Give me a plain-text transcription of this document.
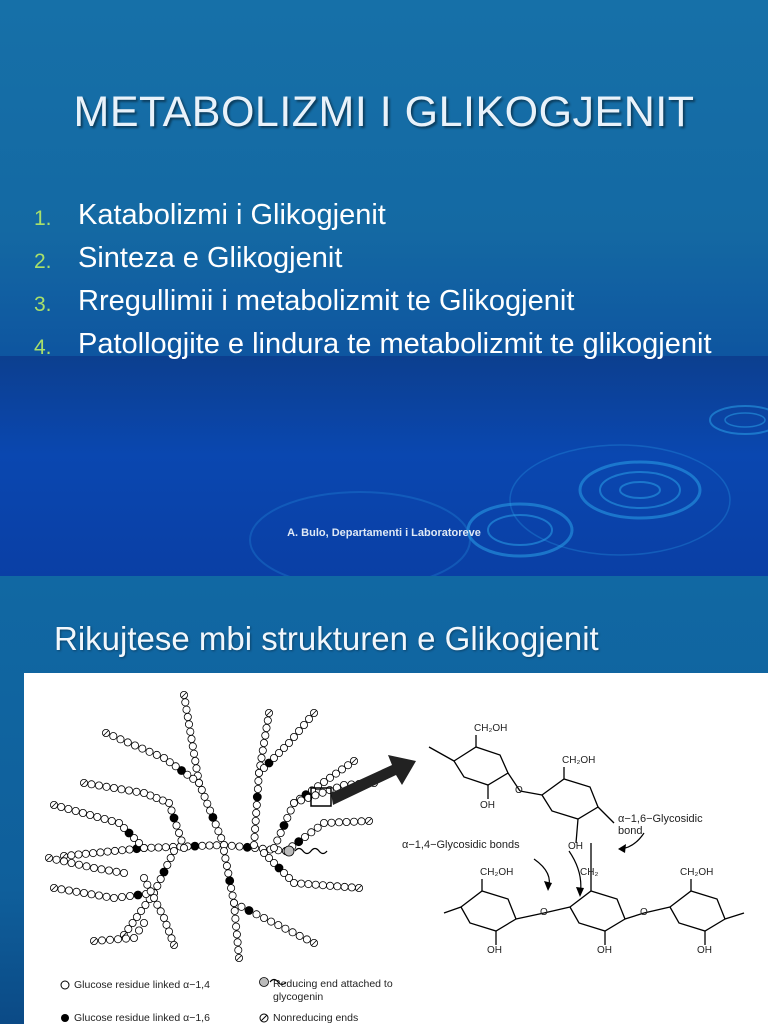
METABOLIZMI I GLIKOGJENIT
1. Katabolizmi i Glikogjenit
2. Sinteza e Glikogjenit
3. Rregullimii i metabolizmit te Glikogjenit
4. Patollogjite e lindura te metabolizmit te glikogjenit
A. Bulo, Departamenti i Laboratoreve
Rikujtese mbi strukturen e Glikogjenit
CH₂OH
CH₂OH
CH₂OH	CH₂	CH₂OH
OH
OH
OH	OH	OH
O
O	O
α−1,6−Glycosidic bond
α−1,4−Glycosidic bonds
Glucose residue linked α−1,4
Glucose residue linked α−1,6
Reducing end attached to glycogenin
Nonreducing ends
